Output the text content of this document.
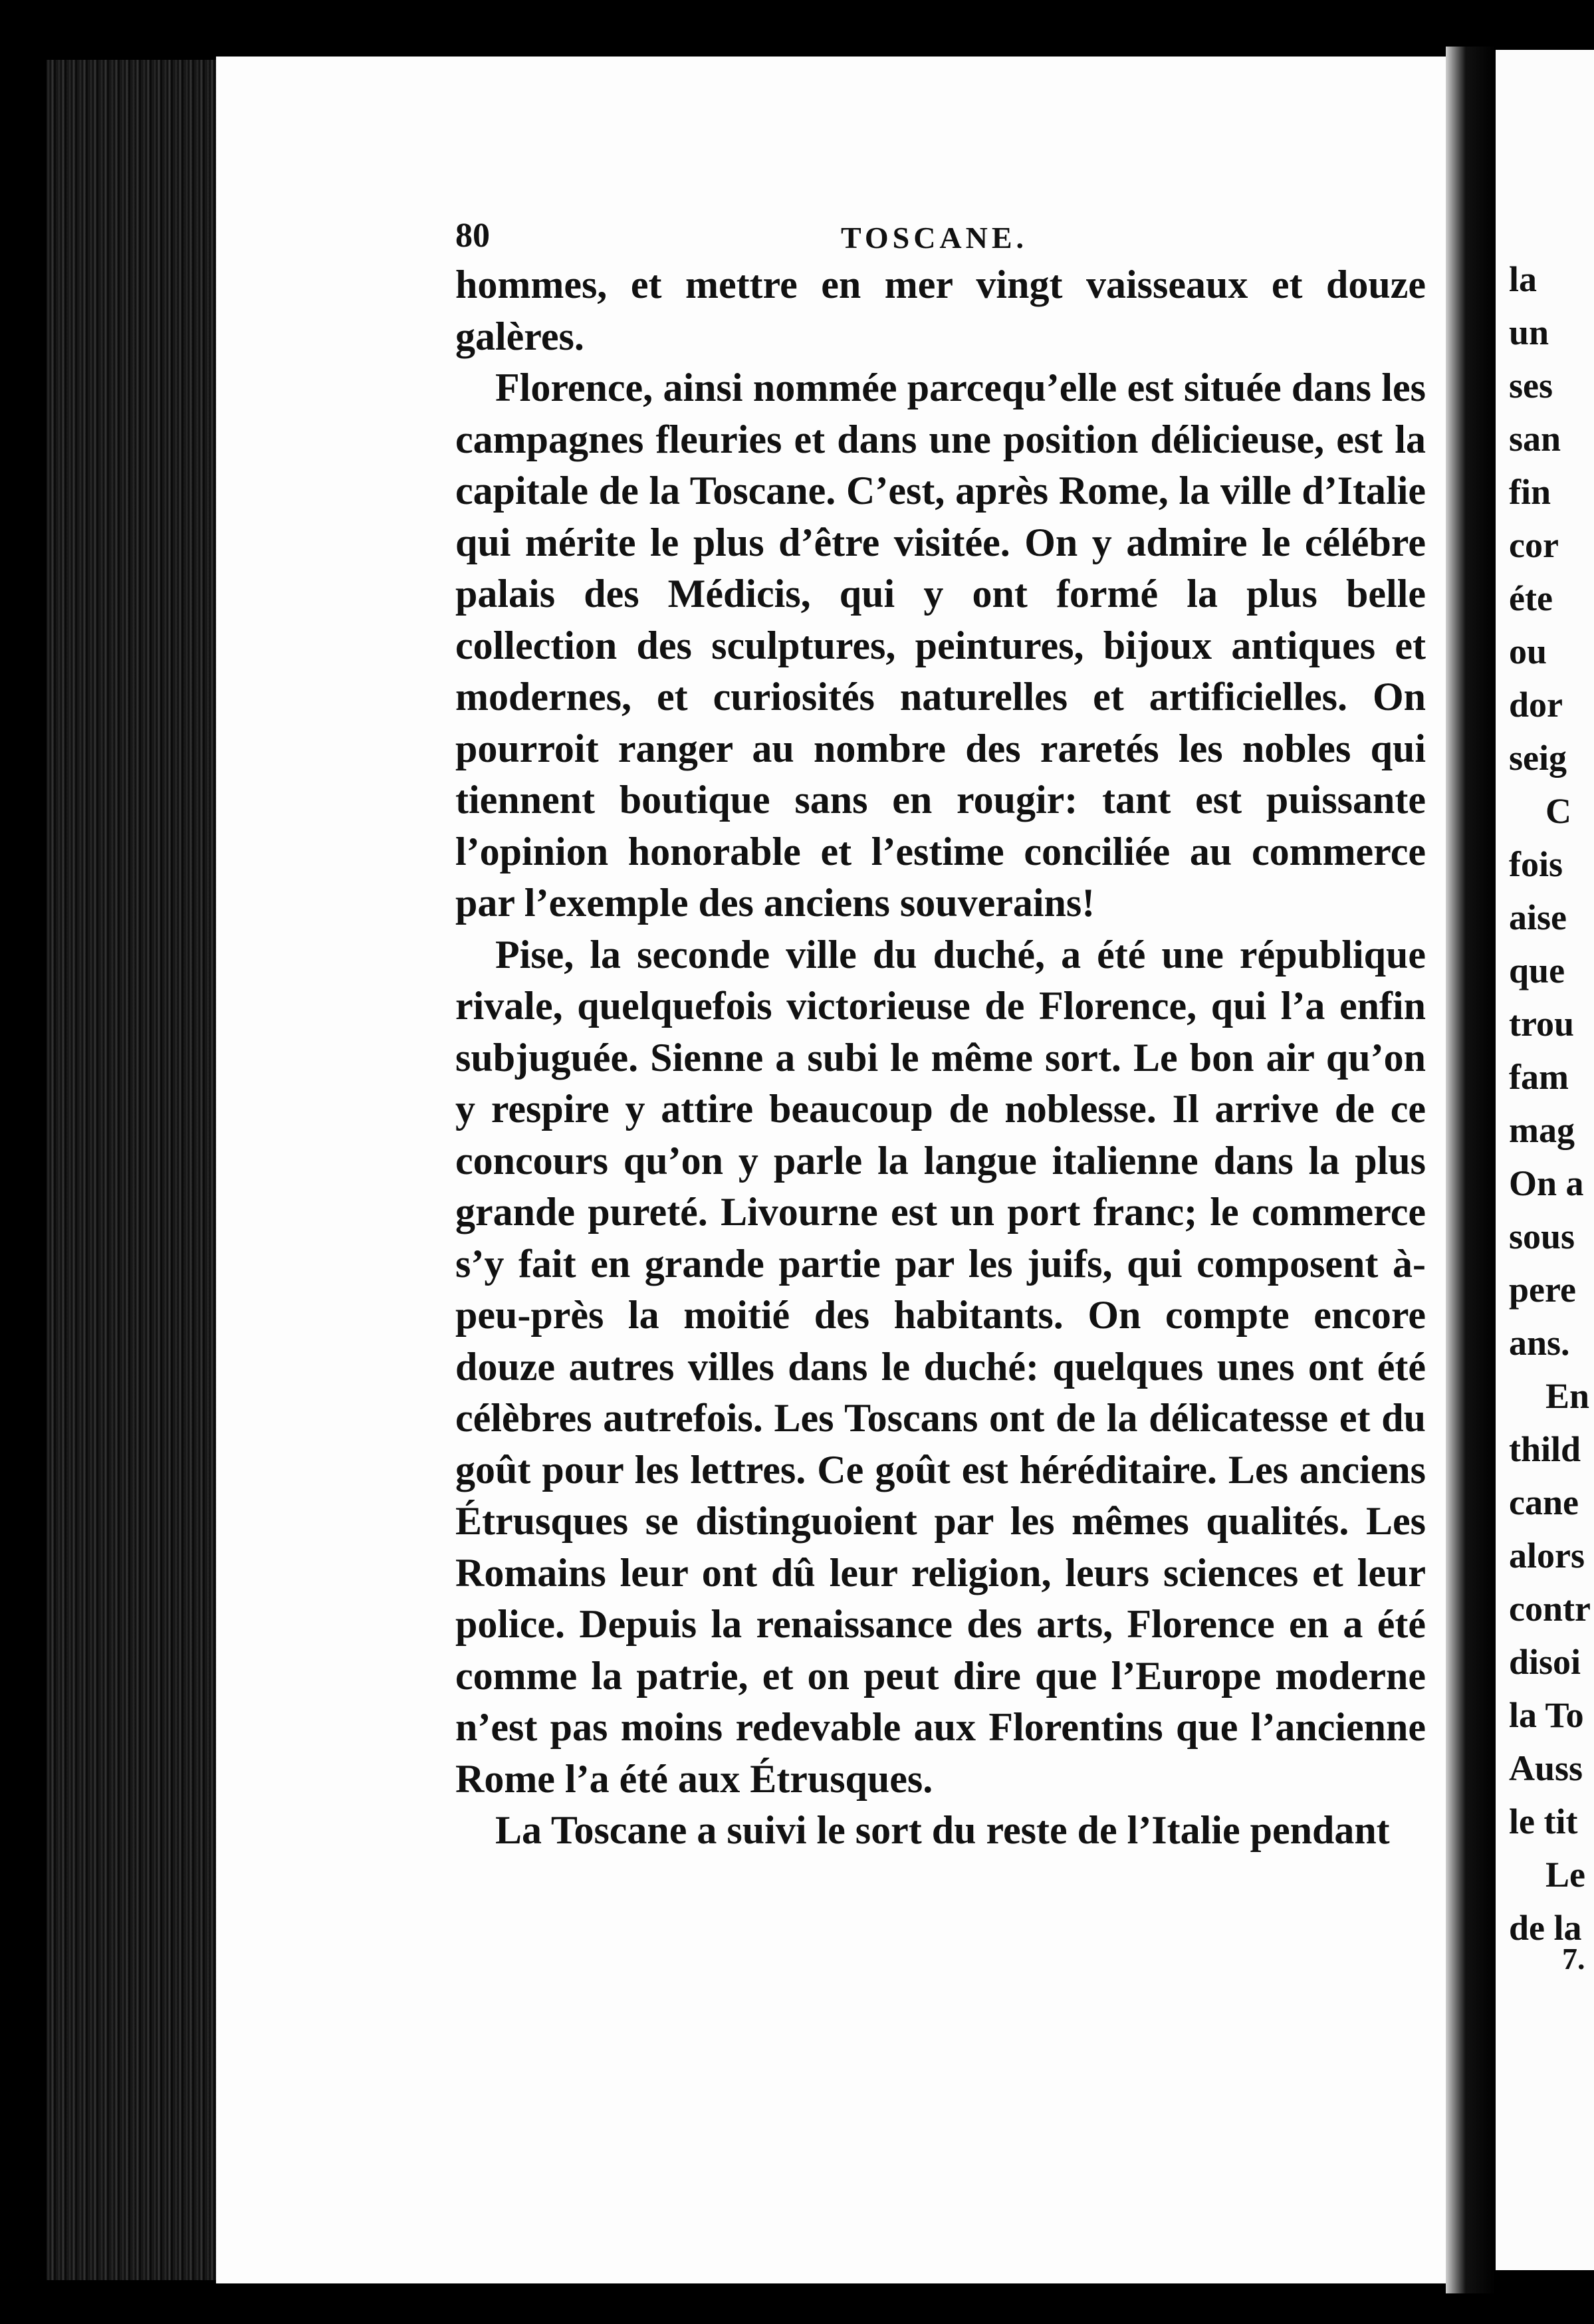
80	TOSCANE.

hommes, et mettre en mer vingt vaisseaux et douze galères.

Florence, ainsi nommée parcequ’elle est située dans les campagnes fleuries et dans une position délicieuse, est la capitale de la Toscane. C’est, après Rome, la ville d’Italie qui mérite le plus d’être visitée. On y admire le célébre palais des Médicis, qui y ont formé la plus belle collection des sculptures, peintures, bijoux antiques et modernes, et curiosités naturelles et artificielles. On pourroit ranger au nombre des raretés les nobles qui tiennent boutique sans en rougir: tant est puissante l’opinion honorable et l’estime conciliée au commerce par l’exemple des anciens souverains!

Pise, la seconde ville du duché, a été une république rivale, quelquefois victorieuse de Florence, qui l’a enfin subjuguée. Sienne a subi le même sort. Le bon air qu’on y respire y attire beaucoup de noblesse. Il arrive de ce concours qu’on y parle la langue italienne dans la plus grande pureté. Livourne est un port franc; le commerce s’y fait en grande partie par les juifs, qui composent à-peu-près la moitié des habitants. On compte encore douze autres villes dans le duché: quelques unes ont été célèbres autrefois. Les Toscans ont de la délicatesse et du goût pour les lettres. Ce goût est héréditaire. Les anciens Étrusques se distinguoient par les mêmes qualités. Les Romains leur ont dû leur religion, leurs sciences et leur police. Depuis la renaissance des arts, Florence en a été comme la patrie, et on peut dire que l’Europe moderne n’est pas moins redevable aux Florentins que l’ancienne Rome l’a été aux Étrusques.

La Toscane a suivi le sort du reste de l’Italie pendant

la
un
ses
san
fin
cor
éte
ou
dor
seig
C
fois
aise
que
trou
fam
mag
On a
sous
pere
ans.
En
thild
cane
alors
contr
disoi
la To
Auss
le tit
Le
de la
7.
